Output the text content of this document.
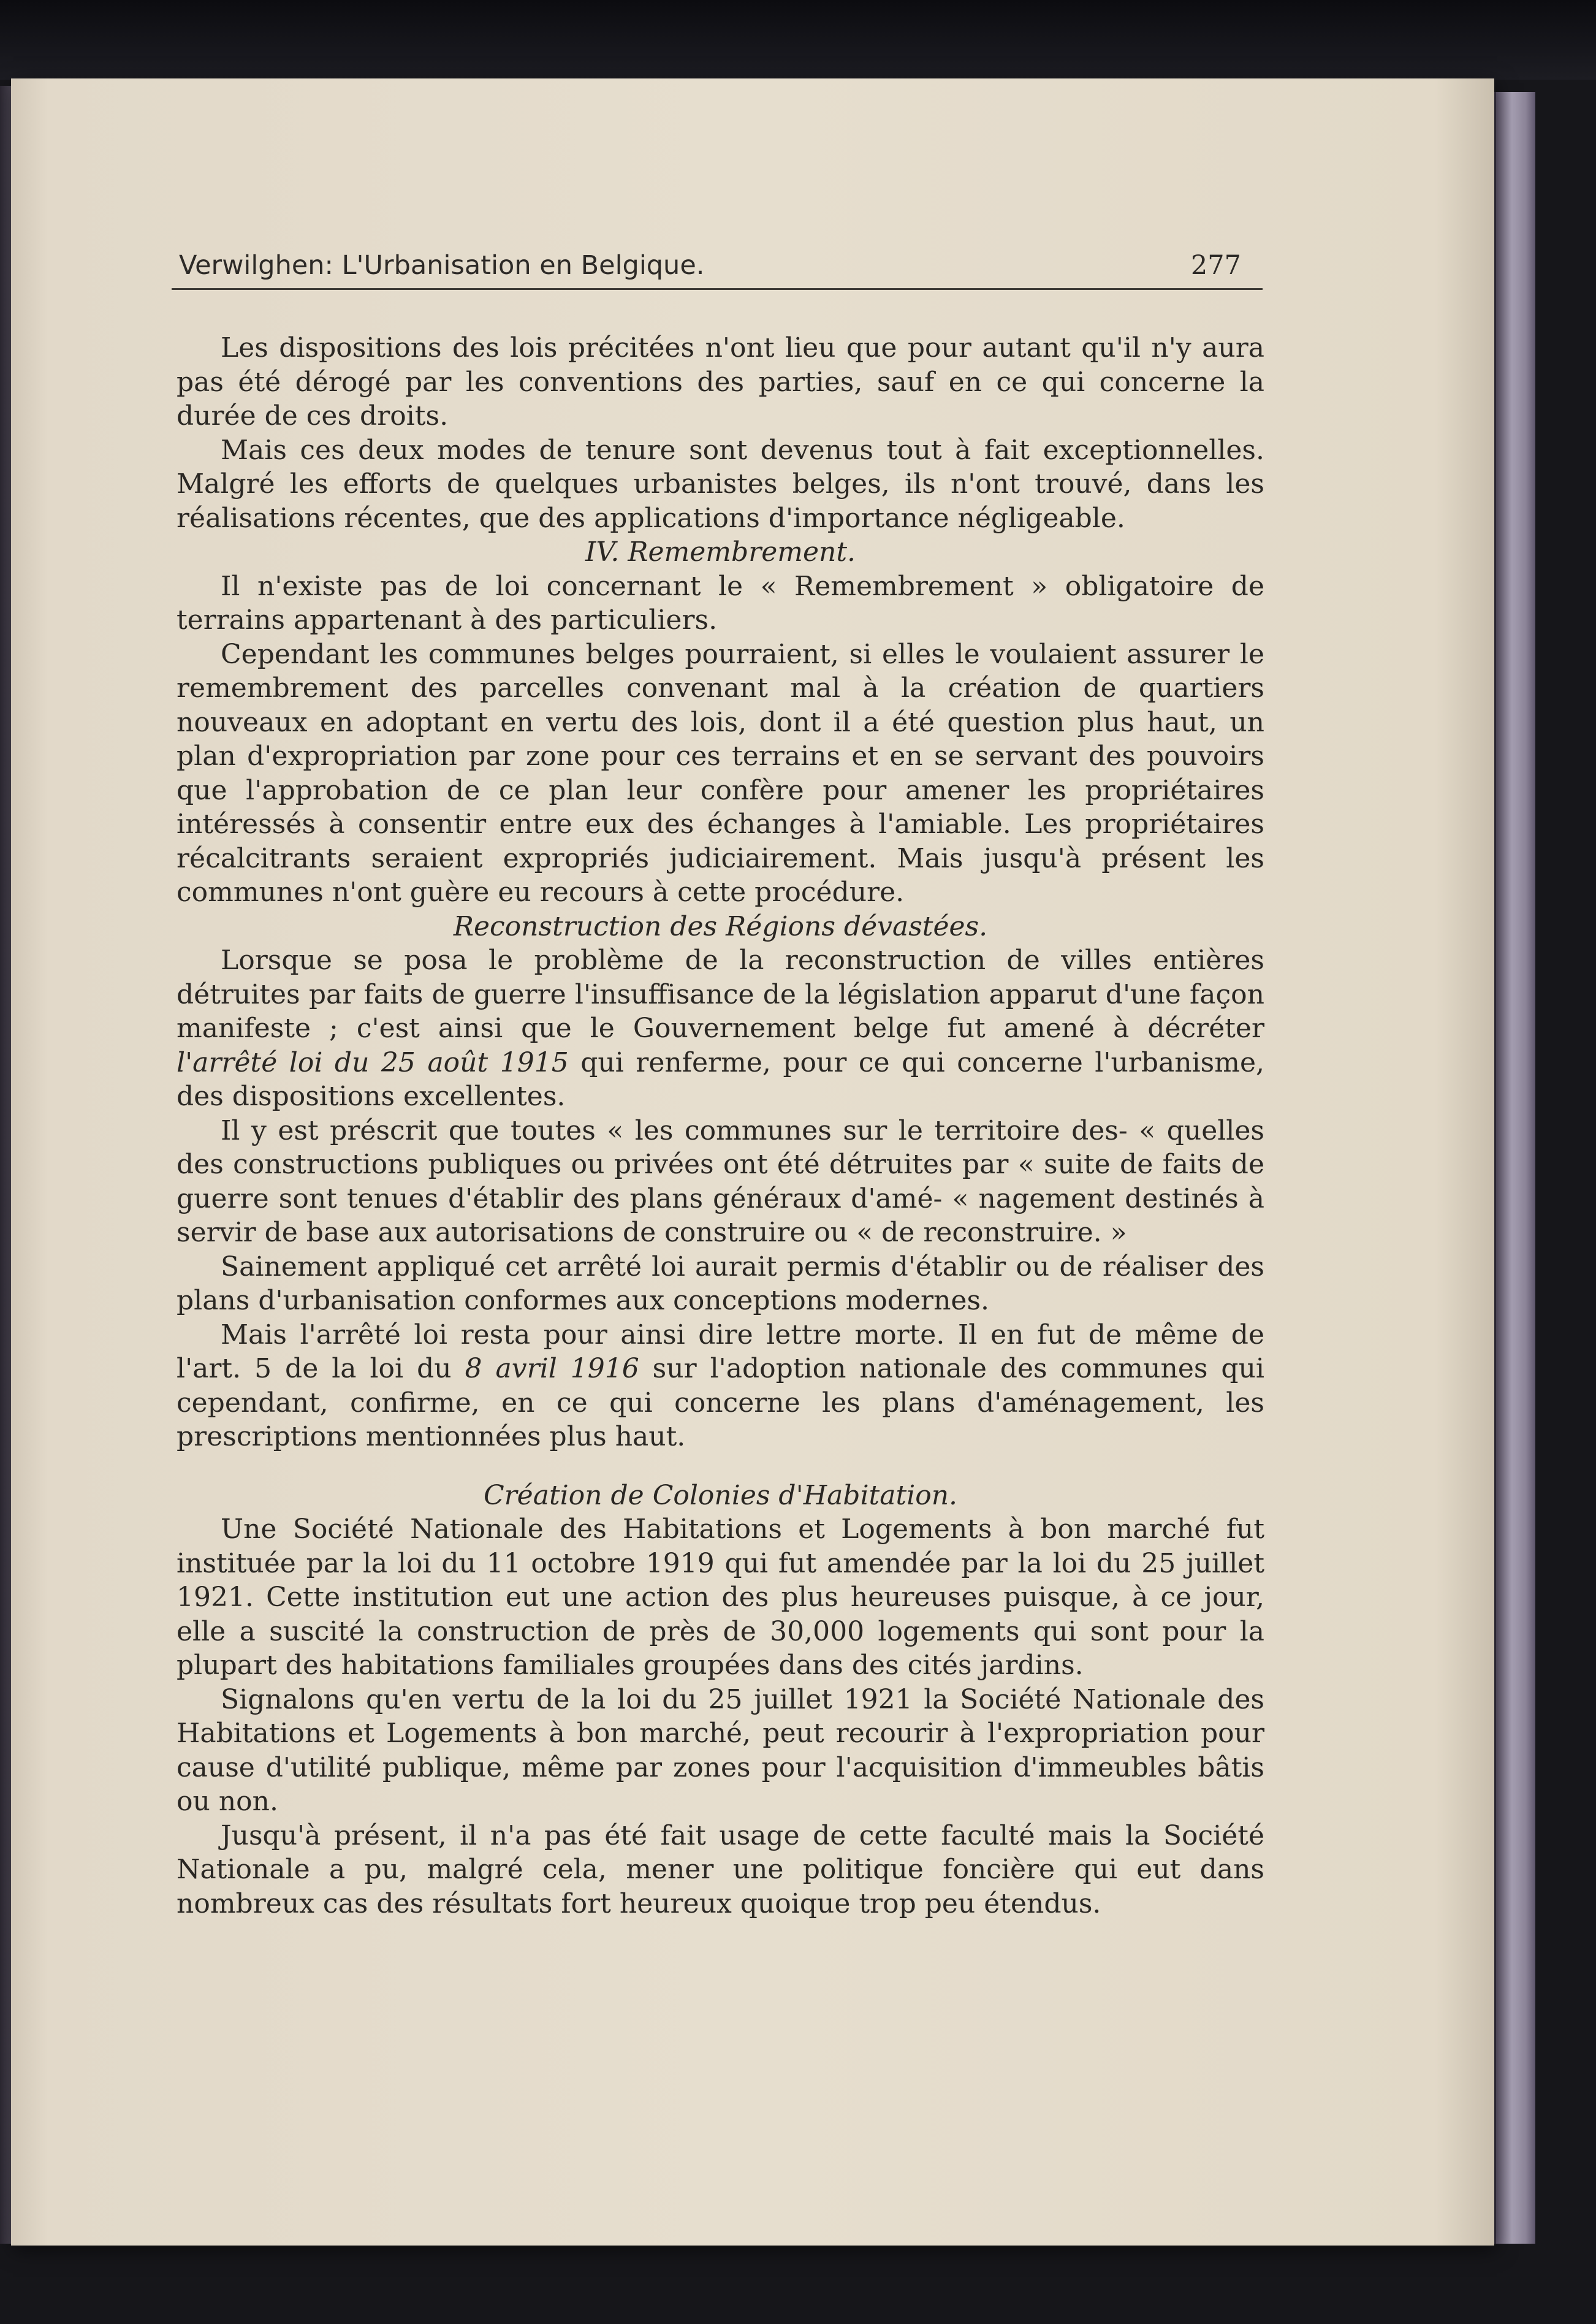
Verwilghen: L'Urbanisation en Belgique.	277

Les dispositions des lois précitées n'ont lieu que pour autant qu'il n'y aura pas été dérogé par les conventions des parties, sauf en ce qui concerne la durée de ces droits.

Mais ces deux modes de tenure sont devenus tout à fait exceptionnelles. Malgré les efforts de quelques urbanistes belges, ils n'ont trouvé, dans les réalisations récentes, que des applications d'importance négligeable.

IV. Remembrement.

Il n'existe pas de loi concernant le « Remembrement » obligatoire de terrains appartenant à des particuliers.

Cependant les communes belges pourraient, si elles le voulaient assurer le remembrement des parcelles convenant mal à la création de quartiers nouveaux en adoptant en vertu des lois, dont il a été question plus haut, un plan d'expropriation par zone pour ces terrains et en se servant des pouvoirs que l'approbation de ce plan leur confère pour amener les propriétaires intéressés à consentir entre eux des échanges à l'amiable. Les propriétaires récalcitrants seraient expropriés judiciairement. Mais jusqu'à présent les communes n'ont guère eu recours à cette procédure.

Reconstruction des Régions dévastées.

Lorsque se posa le problème de la reconstruction de villes entières détruites par faits de guerre l'insuffisance de la législation apparut d'une façon manifeste ; c'est ainsi que le Gouvernement belge fut amené à décréter l'arrêté loi du 25 août 1915 qui renferme, pour ce qui concerne l'urbanisme, des dispositions excellentes.

Il y est préscrit que toutes « les communes sur le territoire des- « quelles des constructions publiques ou privées ont été détruites par « suite de faits de guerre sont tenues d'établir des plans généraux d'amé- « nagement destinés à servir de base aux autorisations de construire ou « de reconstruire. »

Sainement appliqué cet arrêté loi aurait permis d'établir ou de réaliser des plans d'urbanisation conformes aux conceptions modernes.

Mais l'arrêté loi resta pour ainsi dire lettre morte. Il en fut de même de l'art. 5 de la loi du 8 avril 1916 sur l'adoption nationale des communes qui cependant, confirme, en ce qui concerne les plans d'aménagement, les prescriptions mentionnées plus haut.

Création de Colonies d'Habitation.

Une Société Nationale des Habitations et Logements à bon marché fut instituée par la loi du 11 octobre 1919 qui fut amendée par la loi du 25 juillet 1921. Cette institution eut une action des plus heureuses puisque, à ce jour, elle a suscité la construction de près de 30,000 logements qui sont pour la plupart des habitations familiales groupées dans des cités jardins.

Signalons qu'en vertu de la loi du 25 juillet 1921 la Société Nationale des Habitations et Logements à bon marché, peut recourir à l'expropriation pour cause d'utilité publique, même par zones pour l'acquisition d'immeubles bâtis ou non.

Jusqu'à présent, il n'a pas été fait usage de cette faculté mais la Société Nationale a pu, malgré cela, mener une politique foncière qui eut dans nombreux cas des résultats fort heureux quoique trop peu étendus.
